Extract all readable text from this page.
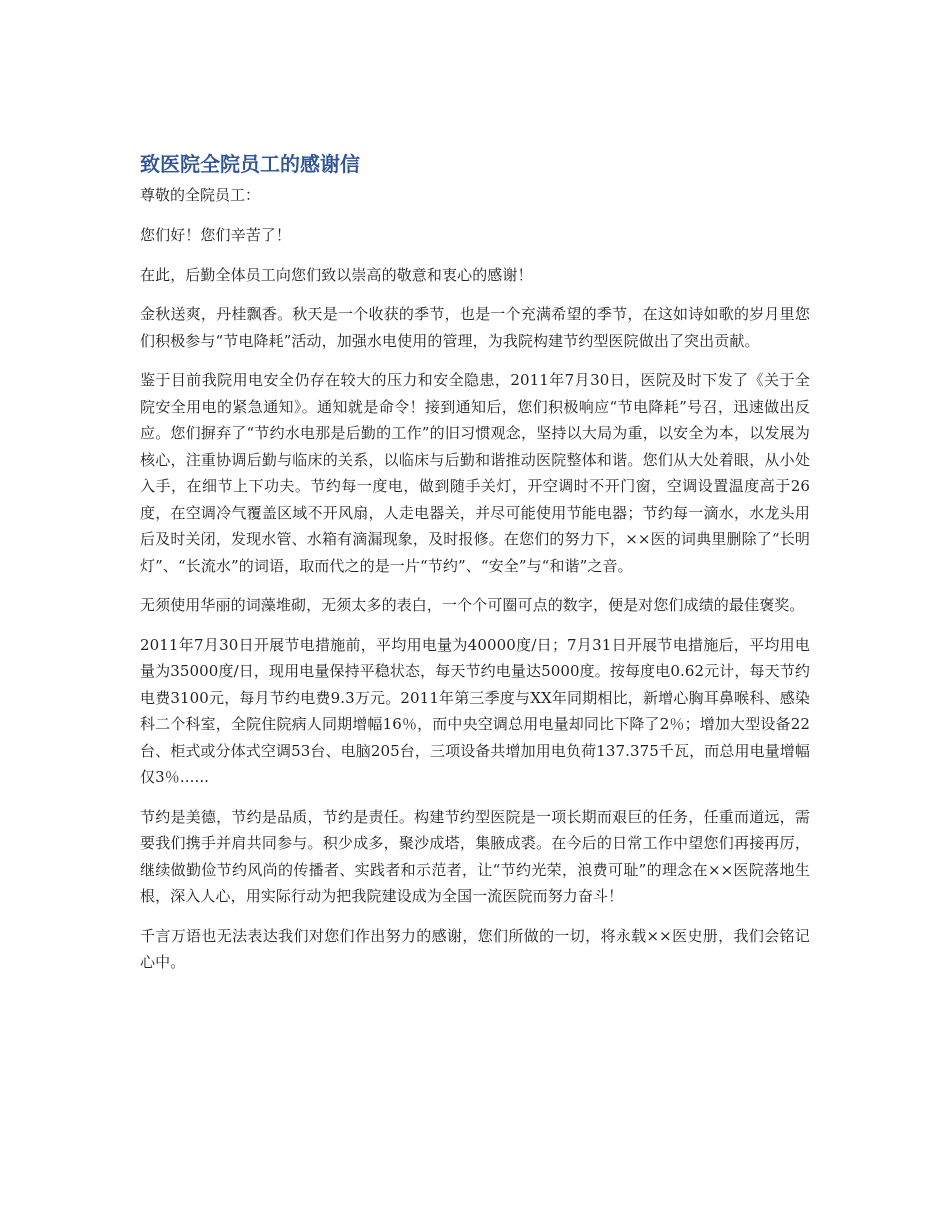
致医院全院员工的感谢信

尊敬的全院员工：

您们好！您们辛苦了！

在此，后勤全体员工向您们致以崇高的敬意和衷心的感谢！

金秋送爽，丹桂飘香。秋天是一个收获的季节，也是一个充满希望的季节，在这如诗如歌的岁月里您们积极参与“节电降耗”活动，加强水电使用的管理，为我院构建节约型医院做出了突出贡献。

鉴于目前我院用电安全仍存在较大的压力和安全隐患，2011年7月30日，医院及时下发了《关于全院安全用电的紧急通知》。通知就是命令！接到通知后，您们积极响应“节电降耗”号召，迅速做出反应。您们摒弃了“节约水电那是后勤的工作”的旧习惯观念，坚持以大局为重，以安全为本，以发展为核心，注重协调后勤与临床的关系，以临床与后勤和谐推动医院整体和谐。您们从大处着眼，从小处入手，在细节上下功夫。节约每一度电，做到随手关灯，开空调时不开门窗，空调设置温度高于26度，在空调冷气覆盖区域不开风扇，人走电器关，并尽可能使用节能电器；节约每一滴水，水龙头用后及时关闭，发现水管、水箱有滴漏现象，及时报修。在您们的努力下，××医的词典里删除了“长明灯”、“长流水”的词语，取而代之的是一片“节约”、“安全”与“和谐”之音。

无须使用华丽的词藻堆砌，无须太多的表白，一个个可圈可点的数字，便是对您们成绩的最佳褒奖。

2011年7月30日开展节电措施前，平均用电量为40000度/日；7月31日开展节电措施后，平均用电量为35000度/日，现用电量保持平稳状态，每天节约电量达5000度。按每度电0.62元计，每天节约电费3100元，每月节约电费9.3万元。2011年第三季度与XX年同期相比，新增心胸耳鼻喉科、感染科二个科室，全院住院病人同期增幅16％，而中央空调总用电量却同比下降了2％；增加大型设备22台、柜式或分体式空调53台、电脑205台，三项设备共增加用电负荷137.375千瓦，而总用电量增幅仅3％......

节约是美德，节约是品质，节约是责任。构建节约型医院是一项长期而艰巨的任务，任重而道远，需要我们携手并肩共同参与。积少成多，聚沙成塔，集腋成裘。在今后的日常工作中望您们再接再厉，继续做勤俭节约风尚的传播者、实践者和示范者，让“节约光荣，浪费可耻”的理念在××医院落地生根，深入人心，用实际行动为把我院建设成为全国一流医院而努力奋斗！

千言万语也无法表达我们对您们作出努力的感谢，您们所做的一切，将永载××医史册，我们会铭记心中。
